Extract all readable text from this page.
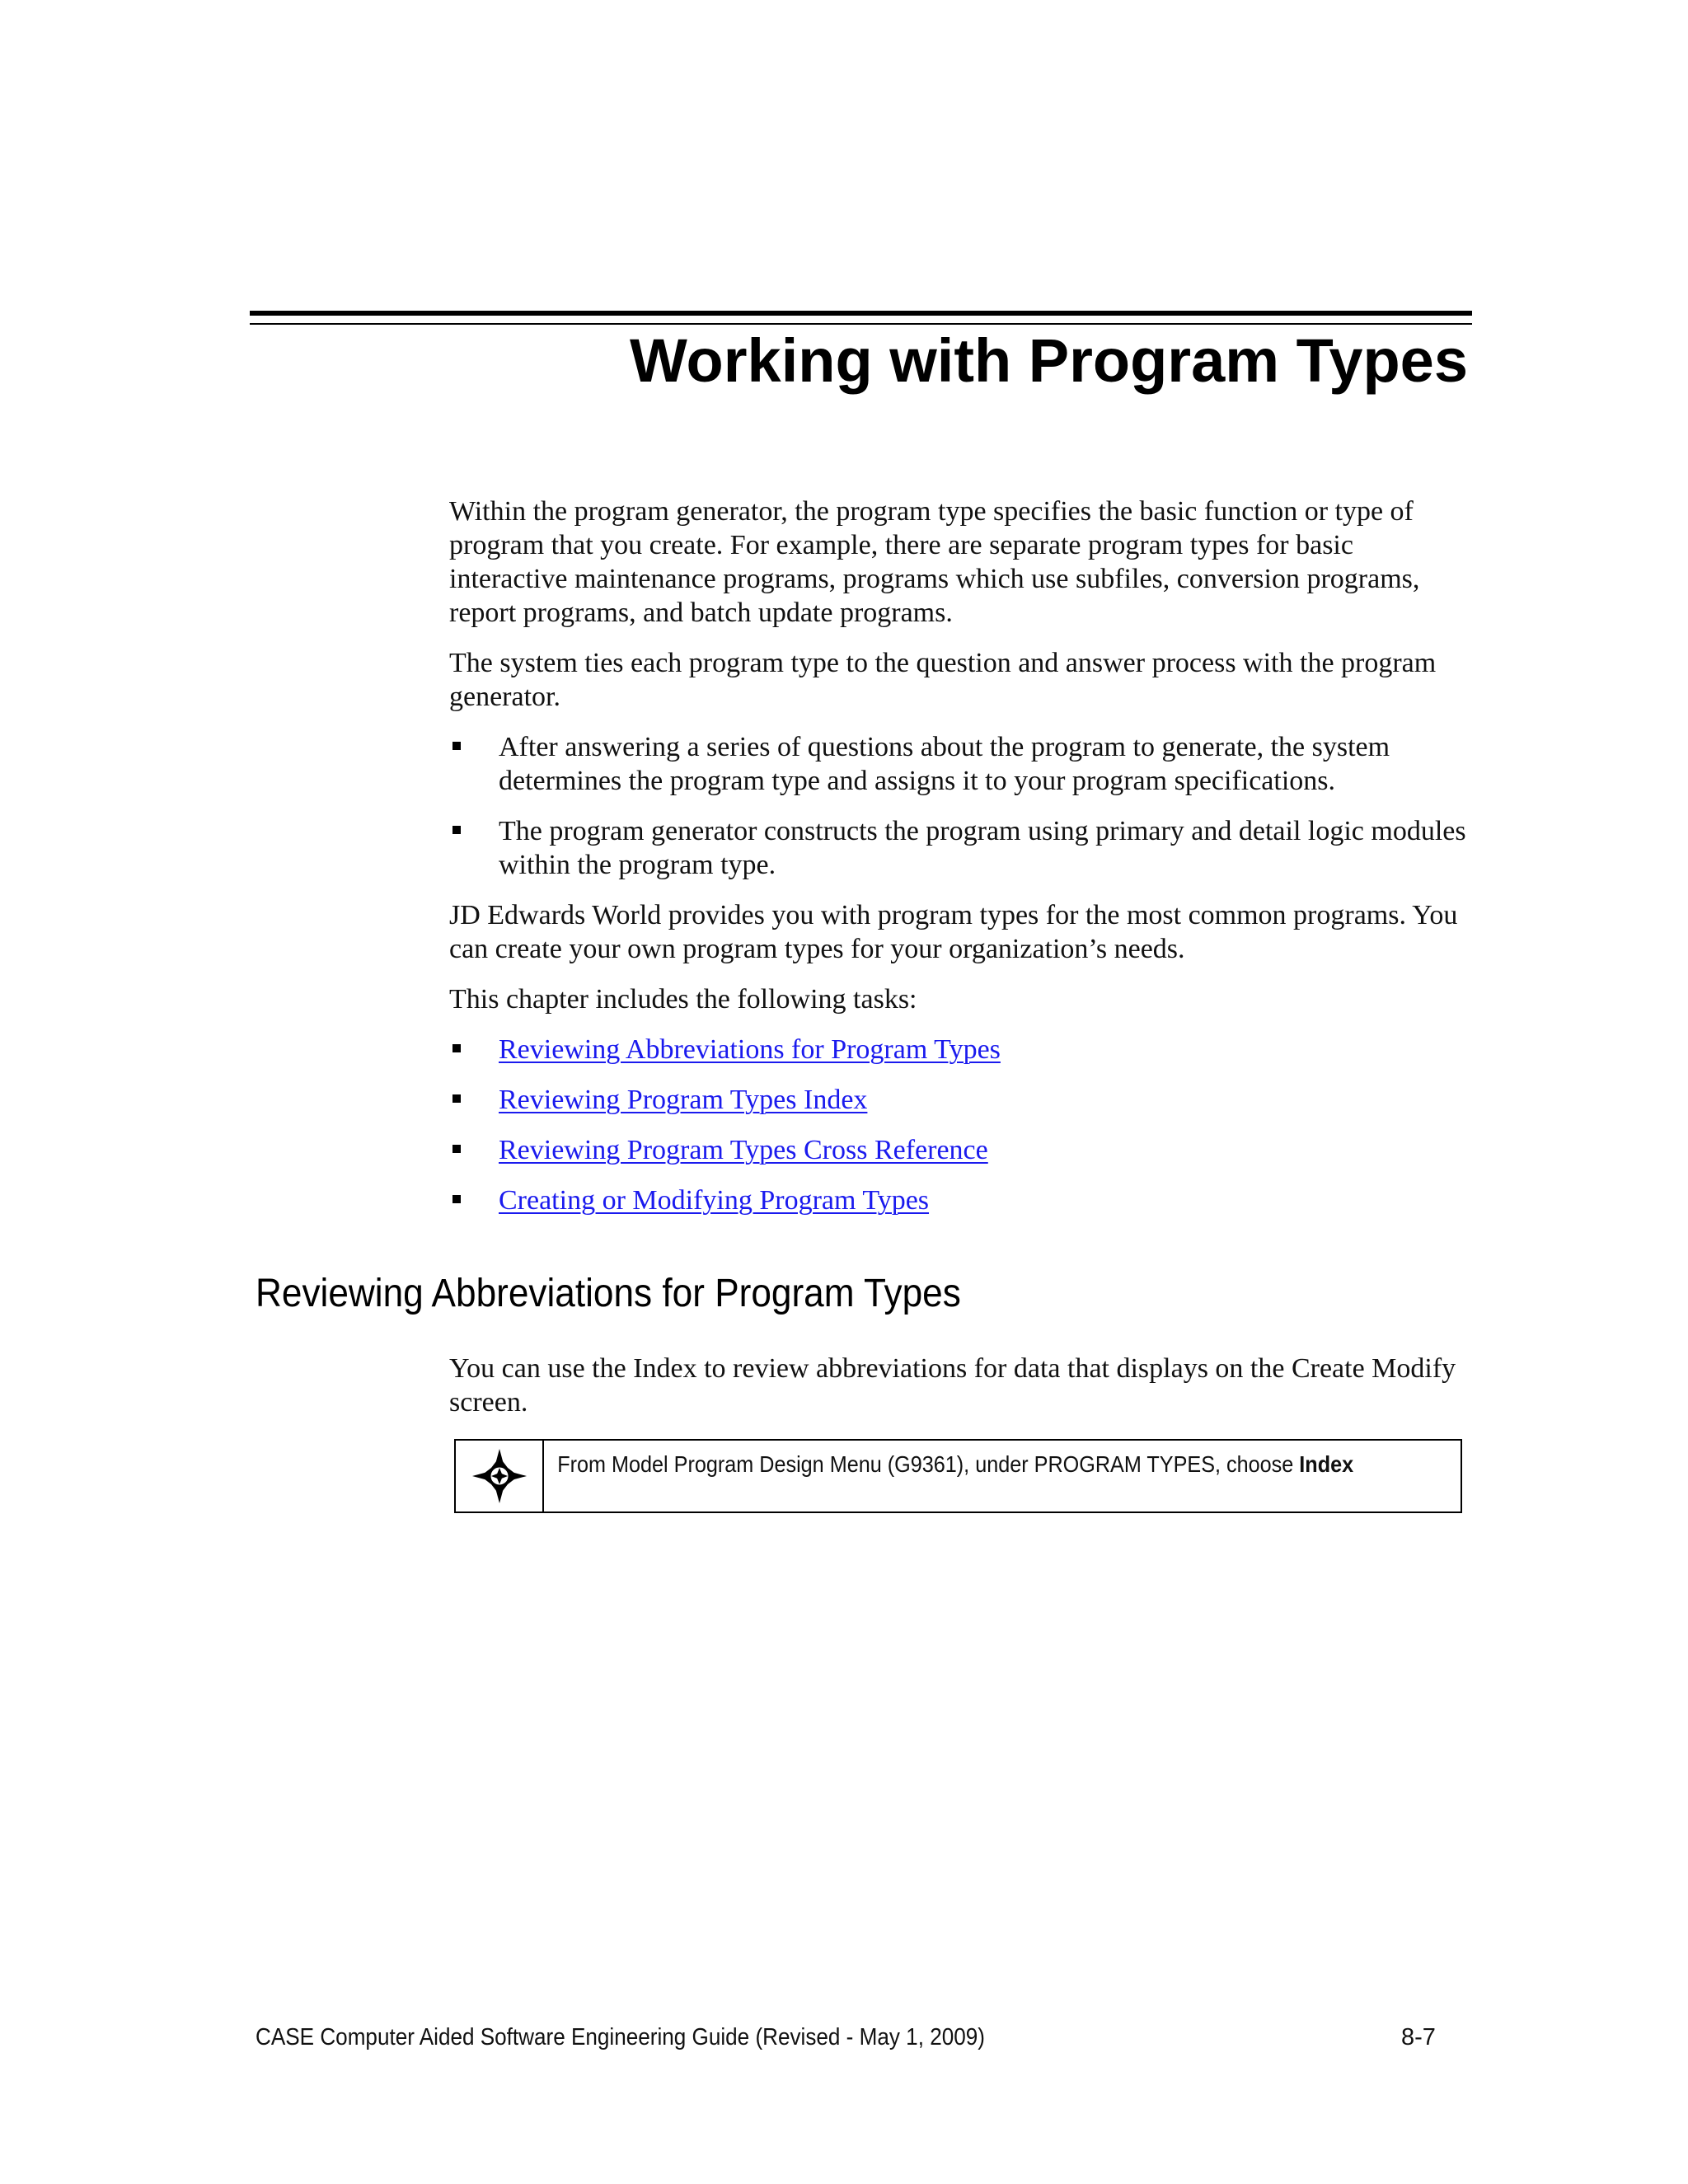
Working with Program Types

Within the program generator, the program type specifies the basic function or type of program that you create. For example, there are separate program types for basic interactive maintenance programs, programs which use subfiles, conversion programs, report programs, and batch update programs.

The system ties each program type to the question and answer process with the program generator.

After answering a series of questions about the program to generate, the system determines the program type and assigns it to your program specifications.
The program generator constructs the program using primary and detail logic modules within the program type.

JD Edwards World provides you with program types for the most common programs. You can create your own program types for your organization’s needs.

This chapter includes the following tasks:

Reviewing Abbreviations for Program Types
Reviewing Program Types Index
Reviewing Program Types Cross Reference
Creating or Modifying Program Types
Reviewing Abbreviations for Program Types

You can use the Index to review abbreviations for data that displays on the Create Modify screen.

From Model Program Design Menu (G9361), under PROGRAM TYPES, choose Index
CASE Computer Aided Software Engineering Guide (Revised - May 1, 2009)	8-7
